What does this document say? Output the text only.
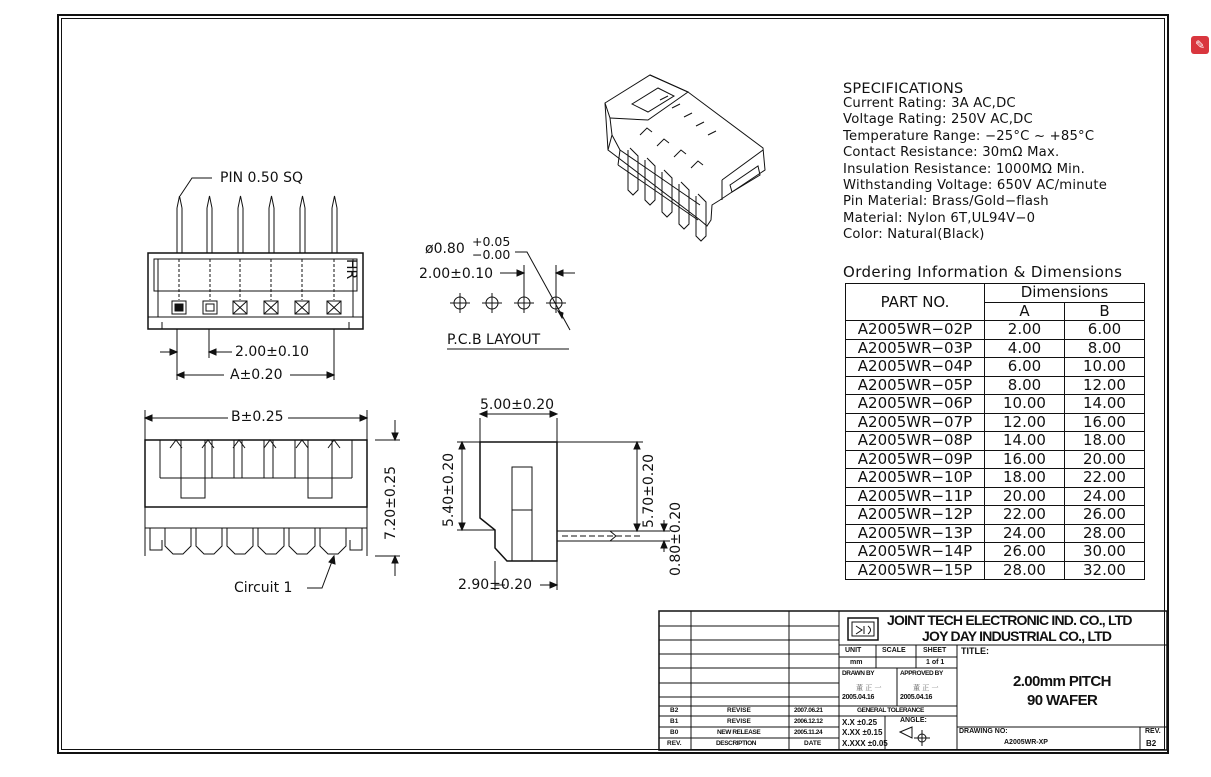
✎
PIN 0.50 SQ
HR
2.00±0.10
A±0.20
B±0.25
7.20±0.25
Circuit 1
ø0.80 +0.05
−0.00
2.00±0.10
P.C.B LAYOUT
5.00±0.20
5.40±0.20	5.70±0.20
0.80±0.20
2.90±0.20
SPECIFICATIONS
Current Rating: 3A AC,DC
Voltage Rating: 250V AC,DC
Temperature Range: −25°C ~ +85°C
Contact Resistance: 30mΩ Max.
Insulation Resistance: 1000MΩ Min.
Withstanding Voltage: 650V AC/minute
Pin Material: Brass/Gold−flash
Material: Nylon 6T,UL94V−0
Color: Natural(Black)
Ordering Information & Dimensions
PART NO.	Dimensions	
	A	B
A2005WR−02P	2.00	6.00
A2005WR−03P	4.00	8.00
A2005WR−04P	6.00	10.00
A2005WR−05P	8.00	12.00
A2005WR−06P	10.00	14.00
A2005WR−07P	12.00	16.00
A2005WR−08P	14.00	18.00
A2005WR−09P	16.00	20.00
A2005WR−10P	18.00	22.00
A2005WR−11P	20.00	24.00
A2005WR−12P	22.00	26.00
A2005WR−13P	24.00	28.00
A2005WR−14P	26.00	30.00
A2005WR−15P	28.00	32.00
JOINT TECH ELECTRONIC IND. CO., LTD
JOY DAY INDUSTRIAL CO., LTD
UNIT	SCALE SHEET
mm	1 of 1
TITLE:
DRAWN BY	APPROVED BY
董 正 一	董 正 一
2005.04.16	2005.04.16
GENERAL TOLERANCE
X.X ±0.25
X.XX ±0.15
X.XXX ±0.05
ANGLE:
2.00mm PITCH
90 WAFER
DRAWING NO:
A2005WR-XP
REV.
B2
B2	REVISE	2007.06.21
B1	REVISE	2006.12.12
B0	NEW RELEASE	2005.11.24
REV.	DESCRIPTION	DATE
